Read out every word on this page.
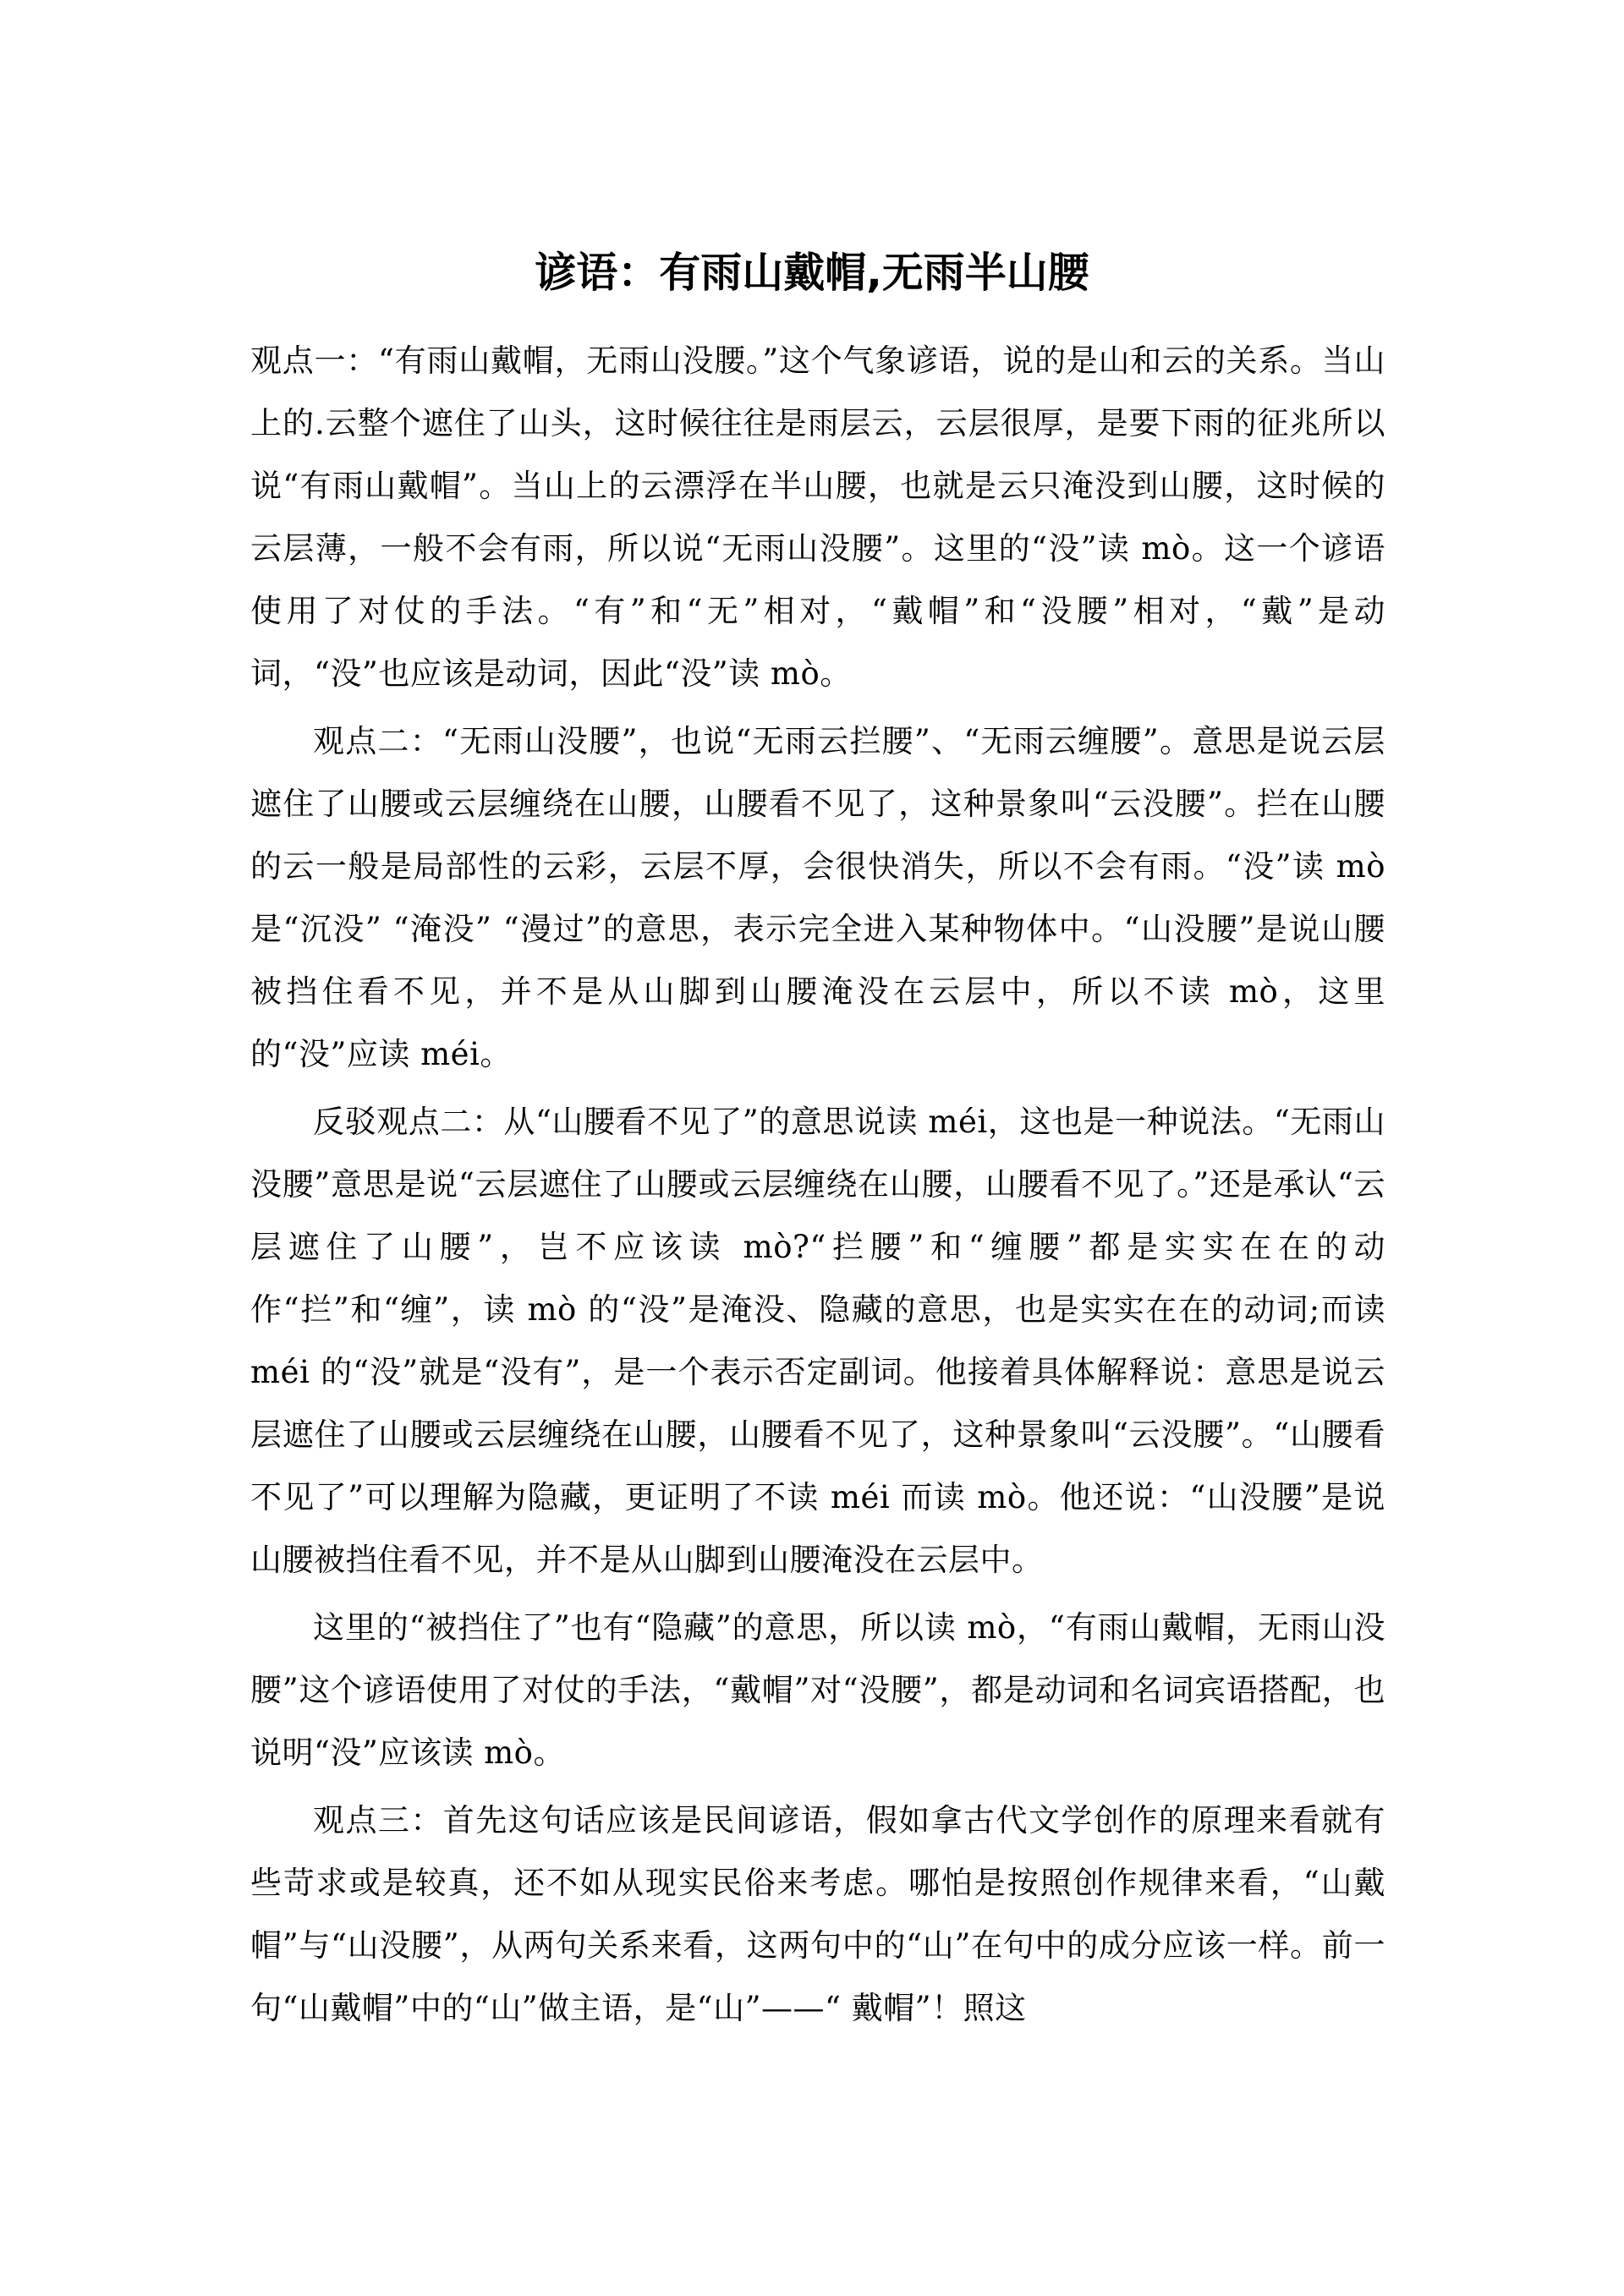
谚语：有雨山戴帽,无雨半山腰

观点一：“有雨山戴帽，无雨山没腰。”这个气象谚语，说的是山和云的关系。当山上的.云整个遮住了山头，这时候往往是雨层云，云层很厚，是要下雨的征兆所以说“有雨山戴帽”。当山上的云漂浮在半山腰，也就是云只淹没到山腰，这时候的云层薄，一般不会有雨，所以说“无雨山没腰”。这里的“没”读 mò。这一个谚语使用了对仗的手法。“有”和“无”相对，“戴帽”和“没腰”相对，“戴”是动词，“没”也应该是动词，因此“没”读 mò。

观点二：“无雨山没腰”，也说“无雨云拦腰”、“无雨云缠腰”。意思是说云层遮住了山腰或云层缠绕在山腰，山腰看不见了，这种景象叫“云没腰”。拦在山腰的云一般是局部性的云彩，云层不厚，会很快消失，所以不会有雨。“没”读 mò 是“沉没” “淹没” “漫过”的意思，表示完全进入某种物体中。“山没腰”是说山腰被挡住看不见，并不是从山脚到山腰淹没在云层中，所以不读 mò，这里的“没”应读 méi。

反驳观点二：从“山腰看不见了”的意思说读 méi，这也是一种说法。“无雨山没腰”意思是说“云层遮住了山腰或云层缠绕在山腰，山腰看不见了。”还是承认“云层遮住了山腰”，岂不应该读 mò?“拦腰”和“缠腰”都是实实在在的动作“拦”和“缠”，读 mò 的“没”是淹没、隐藏的意思，也是实实在在的动词;而读 méi 的“没”就是“没有”，是一个表示否定副词。他接着具体解释说：意思是说云层遮住了山腰或云层缠绕在山腰，山腰看不见了，这种景象叫“云没腰”。“山腰看不见了”可以理解为隐藏，更证明了不读 méi 而读 mò。他还说：“山没腰”是说山腰被挡住看不见，并不是从山脚到山腰淹没在云层中。

这里的“被挡住了”也有“隐藏”的意思，所以读 mò，“有雨山戴帽，无雨山没腰”这个谚语使用了对仗的手法，“戴帽”对“没腰”，都是动词和名词宾语搭配，也说明“没”应该读 mò。

观点三：首先这句话应该是民间谚语，假如拿古代文学创作的原理来看就有些苛求或是较真，还不如从现实民俗来考虑。哪怕是按照创作规律来看，“山戴帽”与“山没腰”，从两句关系来看，这两句中的“山”在句中的成分应该一样。前一句“山戴帽”中的“山”做主语，是“山”——“ 戴帽”！照这
